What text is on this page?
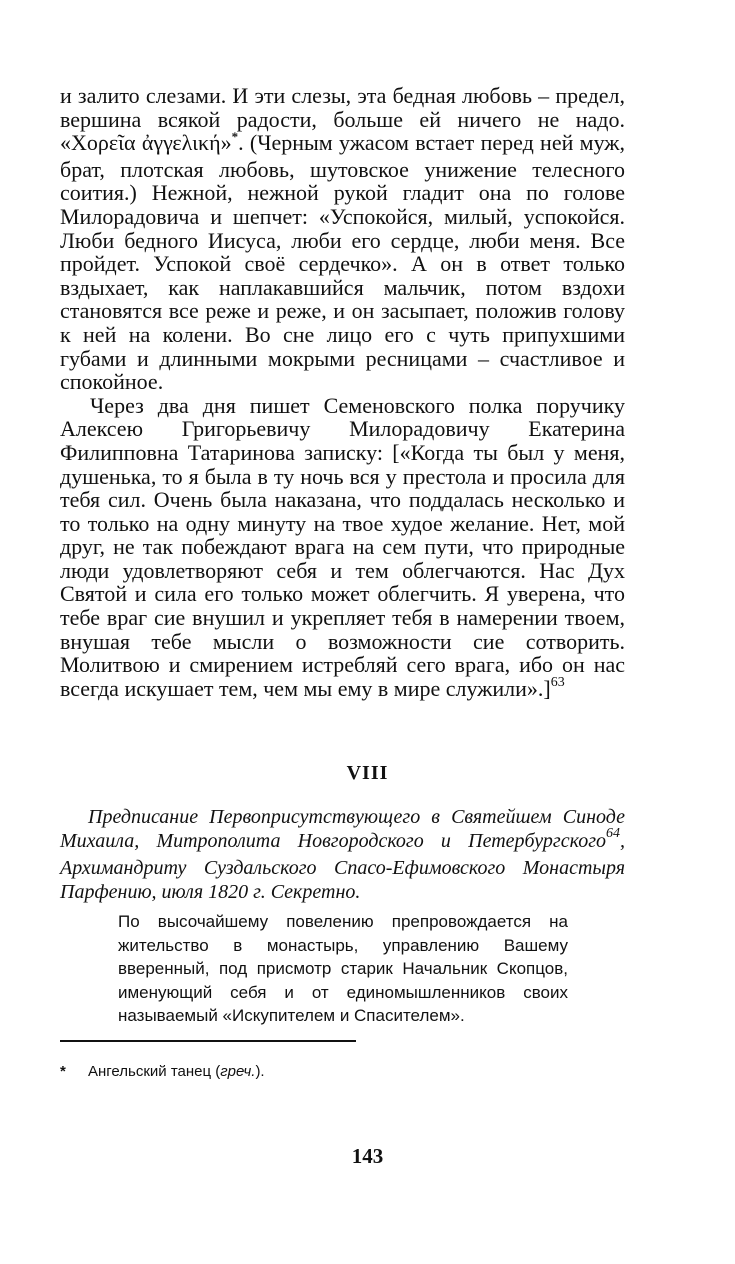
и залито слезами. И эти слезы, эта бедная любовь – предел, вершина всякой радости, больше ей ничего не надо. «Χορεῖα ἀγγελική»*. (Черным ужасом встает перед ней муж, брат, плотская любовь, шутовское унижение телесного соития.) Нежной, нежной рукой гладит она по голове Милорадовича и шепчет: «Успокойся, милый, успокойся. Люби бедного Иисуса, люби его сердце, люби меня. Все пройдет. Успокой своё сердечко». А он в ответ только вздыхает, как наплакавшийся мальчик, потом вздохи становятся все реже и реже, и он засыпает, положив голову к ней на колени. Во сне лицо его с чуть припухшими губами и длинными мокрыми ресницами – счастливое и спокойное.

Через два дня пишет Семеновского полка поручику Алексею Григорьевичу Милорадовичу Екатерина Филипповна Татаринова записку: [«Когда ты был у меня, душенька, то я была в ту ночь вся у престола и просила для тебя сил. Очень была наказана, что поддалась несколько и то только на одну минуту на твое худое желание. Нет, мой друг, не так побеждают врага на сем пути, что природные люди удовлетворяют себя и тем облегчаются. Нас Дух Святой и сила его только может облегчить. Я уверена, что тебе враг сие внушил и укрепляет тебя в намерении твоем, внушая тебе мысли о возможности сие сотворить. Молитвою и смирением истребляй сего врага, ибо он нас всегда искушает тем, чем мы ему в мире служили».]$^{63}$

VIII
Предписание Первоприсутствующего в Святейшем Синоде Михаила, Митрополита Новгородского и Петербургского$^{64}$, Архимандриту Суздальского Спасо-Ефимовского Монастыря Парфению, июля 1820 г. Секретно.
По высочайшему повелению препровождается на жительство в монастырь, управлению Вашему вверенный, под присмотр старик Начальник Скопцов, именующий себя и от единомышленников своих называемый «Искупителем и Спасителем».
* Ангельский танец (греч.).
143
